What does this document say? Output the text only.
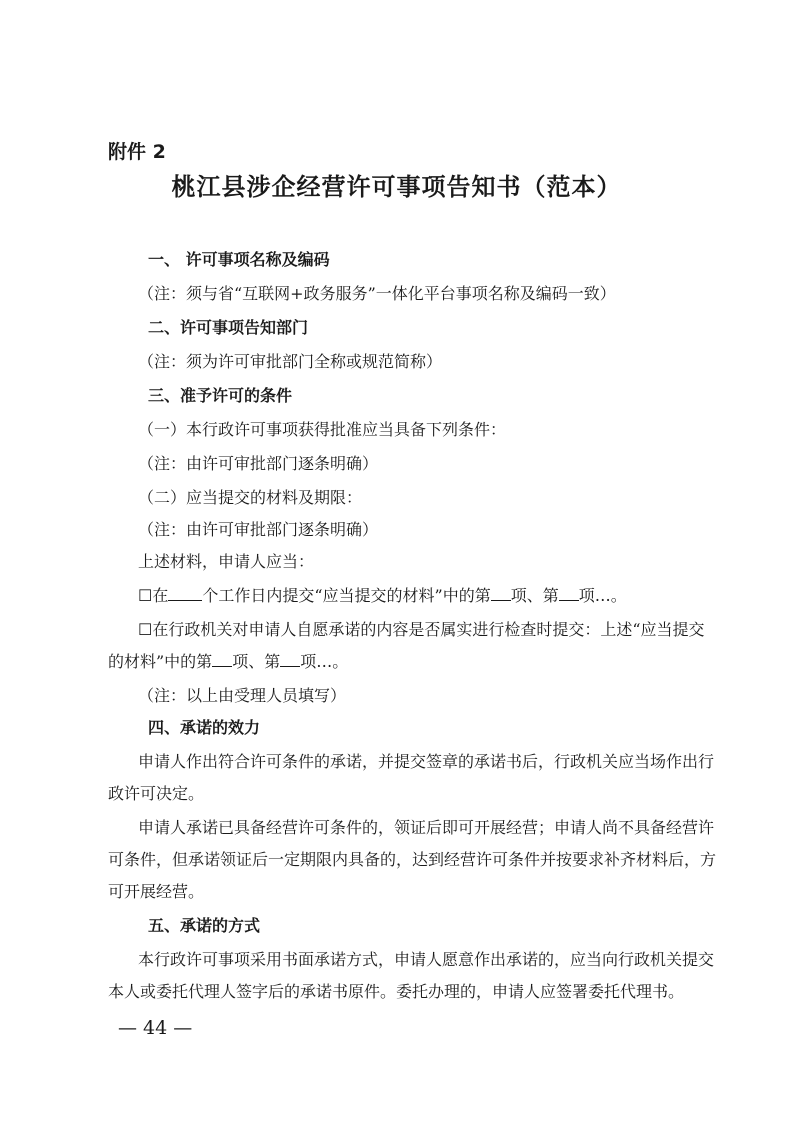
附件 2
桃江县涉企经营许可事项告知书（范本）
一、 许可事项名称及编码
（注：须与省“互联网+政务服务”一体化平台事项名称及编码一致）
二、许可事项告知部门
（注：须为许可审批部门全称或规范简称）
三、准予许可的条件
（一）本行政许可事项获得批准应当具备下列条件：
（注：由许可审批部门逐条明确）
（二）应当提交的材料及期限：
（注：由许可审批部门逐条明确）
上述材料，申请人应当：
☐在 个工作日内提交“应当提交的材料”中的第 项、第 项…。
☐在行政机关对申请人自愿承诺的内容是否属实进行检查时提交：上述“应当提交
的材料”中的第 项、第 项…。
（注：以上由受理人员填写）
四、承诺的效力
申请人作出符合许可条件的承诺，并提交签章的承诺书后，行政机关应当场作出行
政许可决定。
申请人承诺已具备经营许可条件的，领证后即可开展经营；申请人尚不具备经营许
可条件，但承诺领证后一定期限内具备的，达到经营许可条件并按要求补齐材料后，方
可开展经营。
五、承诺的方式
本行政许可事项采用书面承诺方式，申请人愿意作出承诺的，应当向行政机关提交
本人或委托代理人签字后的承诺书原件。委托办理的，申请人应签署委托代理书。
— 44 —
